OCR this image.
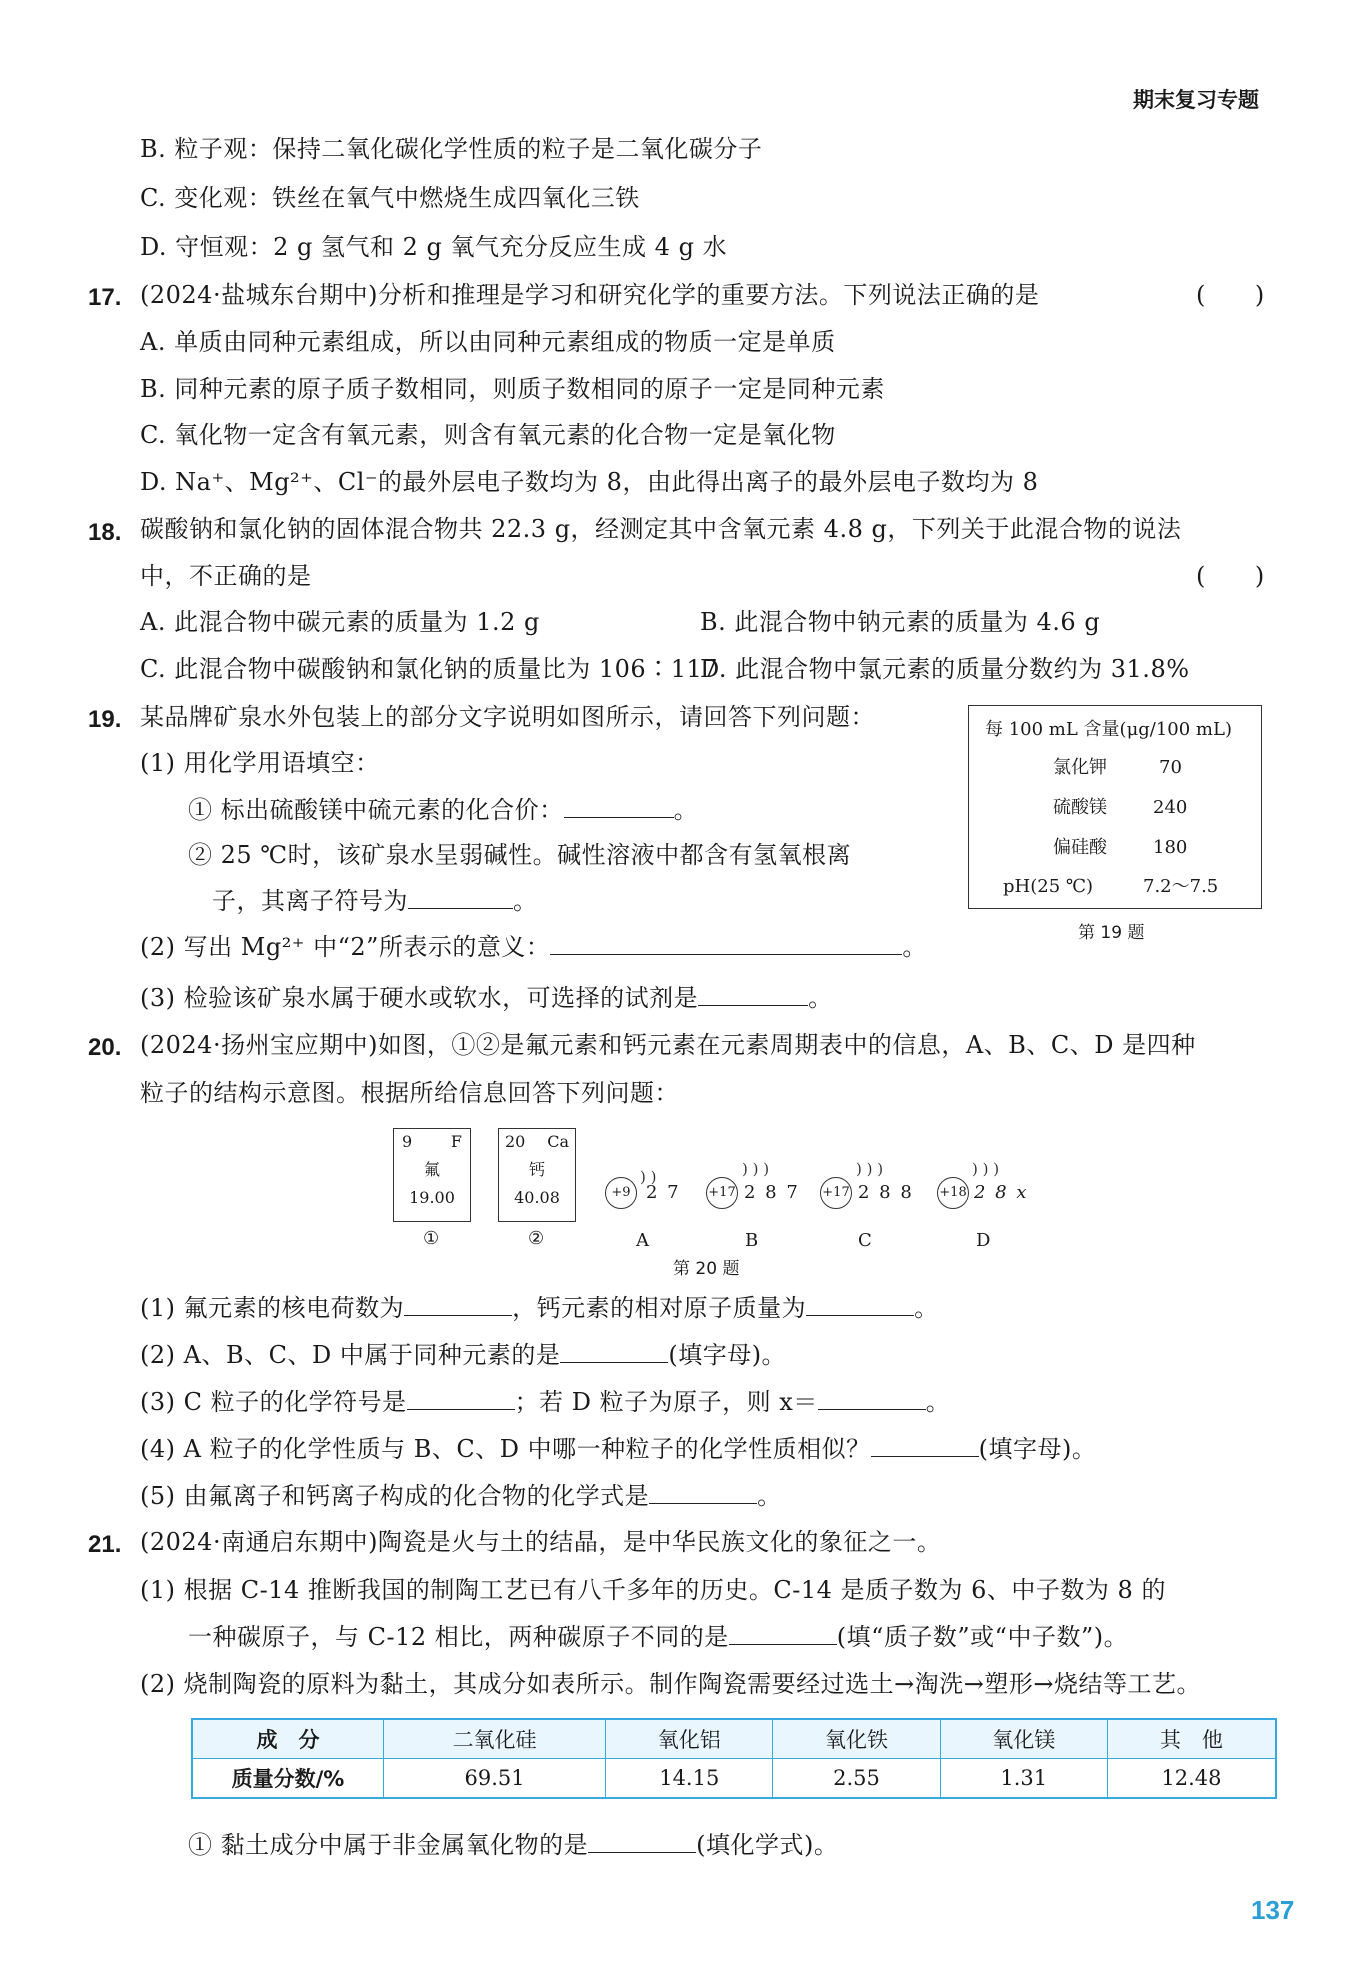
期末复习专题
B. 粒子观：保持二氧化碳化学性质的粒子是二氧化碳分子
C. 变化观：铁丝在氧气中燃烧生成四氧化三铁
D. 守恒观：2 g 氢气和 2 g 氧气充分反应生成 4 g 水
17. (2024·盐城东台期中)分析和推理是学习和研究化学的重要方法。下列说法正确的是	(　　)
A. 单质由同种元素组成，所以由同种元素组成的物质一定是单质
B. 同种元素的原子质子数相同，则质子数相同的原子一定是同种元素
C. 氧化物一定含有氧元素，则含有氧元素的化合物一定是氧化物
D. Na⁺、Mg²⁺、Cl⁻的最外层电子数均为 8，由此得出离子的最外层电子数均为 8
18. 碳酸钠和氯化钠的固体混合物共 22.3 g，经测定其中含氧元素 4.8 g，下列关于此混合物的说法
中，不正确的是	(　　)
A. 此混合物中碳元素的质量为 1.2 g	B. 此混合物中钠元素的质量为 4.6 g
C. 此混合物中碳酸钠和氯化钠的质量比为 106∶117
D. 此混合物中氯元素的质量分数约为 31.8%
19. 某品牌矿泉水外包装上的部分文字说明如图所示，请回答下列问题：
(1) 用化学用语填空：
① 标出硫酸镁中硫元素的化合价：	。
② 25 ℃时，该矿泉水呈弱碱性。碱性溶液中都含有氢氧根离
子，其离子符号为	。
(2) 写出 Mg²⁺ 中“2”所表示的意义：	。
(3) 检验该矿泉水属于硬水或软水，可选择的试剂是	。
每 100 mL 含量(μg/100 mL)
氯化钾	70
硫酸镁	240
偏硅酸	180
pH(25 ℃)	7.2～7.5
第 19 题
20. (2024·扬州宝应期中)如图，①②是氟元素和钙元素在元素周期表中的信息，A、B、C、D 是四种
粒子的结构示意图。根据所给信息回答下列问题：
9 F
氟
19.00
①
20 Ca
钙
40.08
②
+9
) )
2 7
A
+17
) ) )
2 8 7
B
+17
) ) )
2 8 8
C
+18
) ) )
2 8 x
D
第 20 题
(1) 氟元素的核电荷数为	，钙元素的相对原子质量为	。
(2) A、B、C、D 中属于同种元素的是	(填字母)。
(3) C 粒子的化学符号是	；若 D 粒子为原子，则 x＝	。
(4) A 粒子的化学性质与 B、C、D 中哪一种粒子的化学性质相似？	(填字母)。
(5) 由氟离子和钙离子构成的化合物的化学式是	。
21. (2024·南通启东期中)陶瓷是火与土的结晶，是中华民族文化的象征之一。
(1) 根据 C-14 推断我国的制陶工艺已有八千多年的历史。C-14 是质子数为 6、中子数为 8 的
一种碳原子，与 C-12 相比，两种碳原子不同的是	(填“质子数”或“中子数”)。
(2) 烧制陶瓷的原料为黏土，其成分如表所示。制作陶瓷需要经过选土→淘洗→塑形→烧结等工艺。
成　分	二氧化硅	氧化铝	氧化铁	氧化镁	其　他
质量分数/%	69.51	14.15	2.55	1.31	12.48
① 黏土成分中属于非金属氧化物的是	(填化学式)。
137
